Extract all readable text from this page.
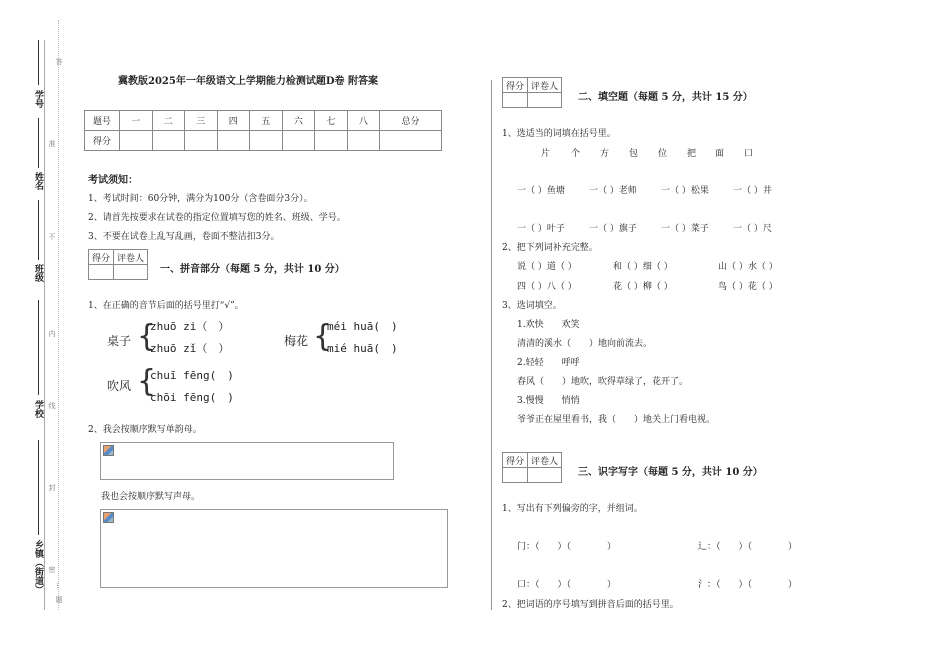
学号
姓名
班级
学校
乡镇（街道）
答
准
不
内
线
封
密
…
题
冀教版2025年一年级语文上学期能力检测试题D卷 附答案
题号	一	二	三	四	五	六	七	八	总分
得分									
考试须知：
1、考试时间：60分钟，满分为100分（含卷面分3分）。
2、请首先按要求在试卷的指定位置填写您的姓名、班级、学号。
3、不要在试卷上乱写乱画，卷面不整洁扣3分。
得分	评卷人

一、拼音部分（每题 5 分，共计 10 分）
1、在正确的音节后面的括号里打“√”。
桌子 {
zhuō zi（　）
zhuō zǐ（　）
梅花 {
méi huā(　)
mié huā(　)
吹风 {
chuī fēng(　)
chōi fēng(　)
2、我会按顺序默写单韵母。
我也会按顺序默写声母。
得分	评卷人

二、填空题（每题 5 分，共计 15 分）
1、选适当的词填在括号里。
片 个 方 包 位 把 面 口
一（ ）鱼塘	一（ ）老师	一（ ）松果	一（ ）井
一（ ）叶子	一（ ）旗子	一（ ）菜子	一（ ）尺
2、把下列词补充完整。
说（ ）道（ ）	和（ ）细（ ）	山（ ）水（ ）
四（ ）八（ ）	花（ ）柳（ ）	鸟（ ）花（ ）
3、选词填空。
1.欢快　　欢笑
清清的溪水（　　）地向前流去。
2.轻轻　　呼呼
春风（　　）地吹，吹得草绿了，花开了。
3.慢慢　　悄悄
爷爷正在屋里看书，我（　　）地关上门看电视。
得分	评卷人

三、识字写字（每题 5 分，共计 10 分）
1、写出有下列偏旁的字，并组词。
门：（　　）（　　　　）	辶：（　　）（　　　　）
口：（　　）（　　　　）	氵：（　　）（　　　　）
2、把词语的序号填写到拼音后面的括号里。
